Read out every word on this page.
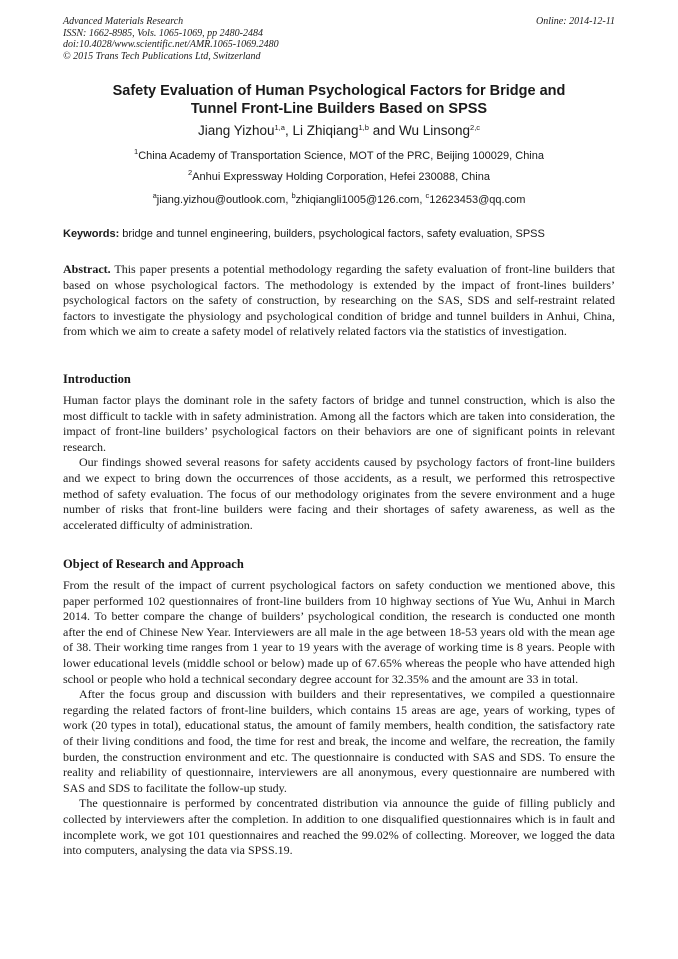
Advanced Materials Research
ISSN: 1662-8985, Vols. 1065-1069, pp 2480-2484
doi:10.4028/www.scientific.net/AMR.1065-1069.2480
© 2015 Trans Tech Publications Ltd, Switzerland
Online: 2014-12-11
Safety Evaluation of Human Psychological Factors for Bridge and
Tunnel Front-Line Builders Based on SPSS
Jiang Yizhou$^{1,a}$, Li Zhiqiang$^{1,b}$ and Wu Linsong$^{2,c}$
$^1$China Academy of Transportation Science, MOT of the PRC, Beijing 100029, China
$^2$Anhui Expressway Holding Corporation, Hefei 230088, China
$^a$jiang.yizhou@outlook.com, $^b$zhiqiangli1005@126.com, $^c$12623453@qq.com
Keywords: bridge and tunnel engineering, builders, psychological factors, safety evaluation, SPSS

Abstract. This paper presents a potential methodology regarding the safety evaluation of front-line builders that based on whose psychological factors. The methodology is extended by the impact of front-lines builders’ psychological factors on the safety of construction, by researching on the SAS, SDS and self-restraint related factors to investigate the physiology and psychological condition of bridge and tunnel builders in Anhui, China, from which we aim to create a safety model of relatively related factors via the statistics of investigation.

Introduction

Human factor plays the dominant role in the safety factors of bridge and tunnel construction, which is also the most difficult to tackle with in safety administration. Among all the factors which are taken into consideration, the impact of front-line builders’ psychological factors on their behaviors are one of significant points in relevant research.

Our findings showed several reasons for safety accidents caused by psychology factors of front-line builders and we expect to bring down the occurrences of those accidents, as a result, we performed this retrospective method of safety evaluation. The focus of our methodology originates from the severe environment and a huge number of risks that front-line builders were facing and their shortages of safety awareness, as well as the accelerated difficulty of administration.

Object of Research and Approach

From the result of the impact of current psychological factors on safety conduction we mentioned above, this paper performed 102 questionnaires of front-line builders from 10 highway sections of Yue Wu, Anhui in March 2014. To better compare the change of builders’ psychological condition, the research is conducted one month after the end of Chinese New Year. Interviewers are all male in the age between 18-53 years old with the mean age of 38. Their working time ranges from 1 year to 19 years with the average of working time is 8 years. People with lower educational levels (middle school or below) made up of 67.65% whereas the people who have attended high school or people who hold a technical secondary degree account for 32.35% and the amount are 33 in total.

After the focus group and discussion with builders and their representatives, we compiled a questionnaire regarding the related factors of front-line builders, which contains 15 areas are age, years of working, types of work (20 types in total), educational status, the amount of family members, health condition, the satisfactory rate of their living conditions and food, the time for rest and break, the income and welfare, the recreation, the family burden, the construction environment and etc. The questionnaire is conducted with SAS and SDS. To ensure the reality and reliability of questionnaire, interviewers are all anonymous, every questionnaire are numbered with SAS and SDS to facilitate the follow-up study.

The questionnaire is performed by concentrated distribution via announce the guide of filling publicly and collected by interviewers after the completion. In addition to one disqualified questionnaires which is in fault and incomplete work, we got 101 questionnaires and reached the 99.02% of collecting. Moreover, we logged the data into computers, analysing the data via SPSS.19.
